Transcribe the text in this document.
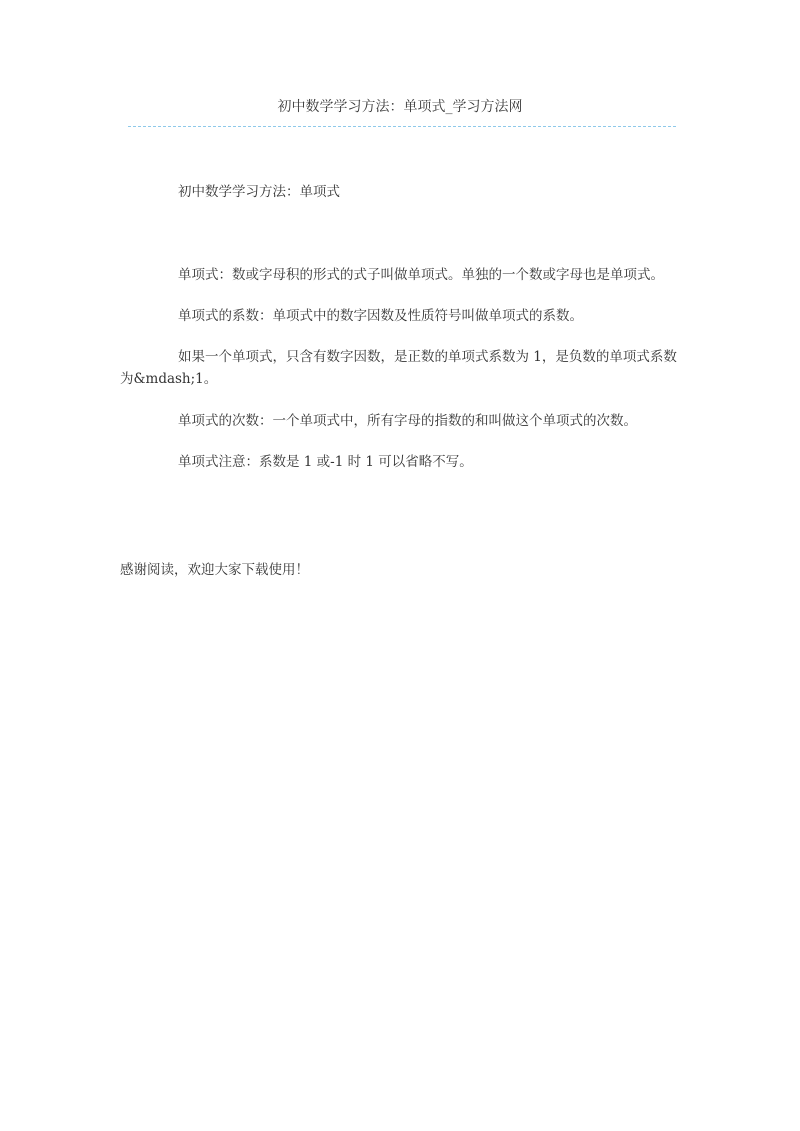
初中数学学习方法：单项式_学习方法网
初中数学学习方法：单项式
单项式：数或字母积的形式的式子叫做单项式。单独的一个数或字母也是单项式。
单项式的系数：单项式中的数字因数及性质符号叫做单项式的系数。
如果一个单项式，只含有数字因数，是正数的单项式系数为 1，是负数的单项式系数为&mdash;1。
单项式的次数：一个单项式中，所有字母的指数的和叫做这个单项式的次数。
单项式注意：系数是 1 或-1 时 1 可以省略不写。
感谢阅读，欢迎大家下载使用！
